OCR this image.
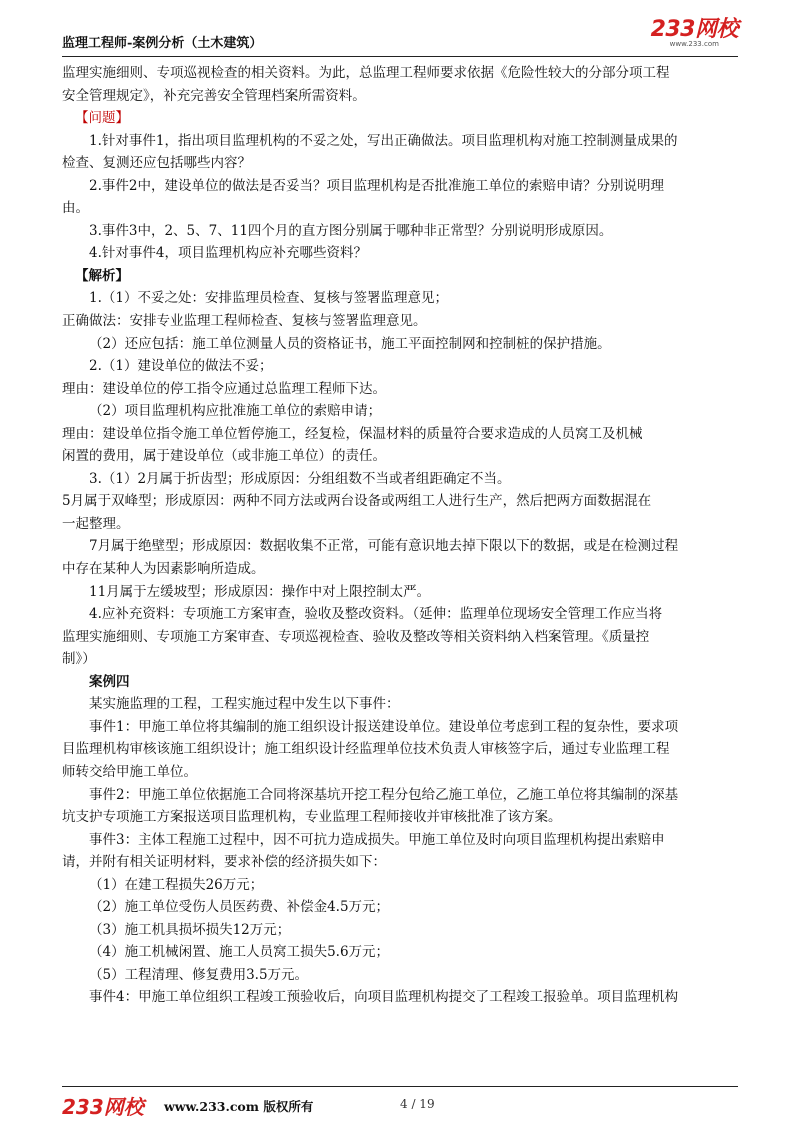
监理工程师-案例分析（土木建筑）
233网校
www.233.com
监理实施细则、专项巡视检查的相关资料。为此，总监理工程师要求依据《危险性较大的分部分项工程
安全管理规定》，补充完善安全管理档案所需资料。
【问题】
1.针对事件1，指出项目监理机构的不妥之处，写出正确做法。项目监理机构对施工控制测量成果的
检查、复测还应包括哪些内容？
2.事件2中，建设单位的做法是否妥当？项目监理机构是否批准施工单位的索赔申请？分别说明理
由。
3.事件3中，2、5、7、11四个月的直方图分别属于哪种非正常型？分别说明形成原因。
4.针对事件4，项目监理机构应补充哪些资料？
【解析】
1.（1）不妥之处：安排监理员检查、复核与签署监理意见；
正确做法：安排专业监理工程师检查、复核与签署监理意见。
（2）还应包括：施工单位测量人员的资格证书，施工平面控制网和控制桩的保护措施。
2.（1）建设单位的做法不妥；
理由：建设单位的停工指令应通过总监理工程师下达。
（2）项目监理机构应批准施工单位的索赔申请；
理由：建设单位指令施工单位暂停施工，经复检，保温材料的质量符合要求造成的人员窝工及机械
闲置的费用，属于建设单位（或非施工单位）的责任。
3.（1）2月属于折齿型；形成原因：分组组数不当或者组距确定不当。
5月属于双峰型；形成原因：两种不同方法或两台设备或两组工人进行生产，然后把两方面数据混在
一起整理。
7月属于绝壁型；形成原因：数据收集不正常，可能有意识地去掉下限以下的数据，或是在检测过程
中存在某种人为因素影响所造成。
11月属于左缓坡型；形成原因：操作中对上限控制太严。
4.应补充资料：专项施工方案审查，验收及整改资料。（延伸：监理单位现场安全管理工作应当将
监理实施细则、专项施工方案审查、专项巡视检查、验收及整改等相关资料纳入档案管理。《质量控
制》）
案例四
某实施监理的工程，工程实施过程中发生以下事件：
事件1：甲施工单位将其编制的施工组织设计报送建设单位。建设单位考虑到工程的复杂性，要求项
目监理机构审核该施工组织设计；施工组织设计经监理单位技术负责人审核签字后，通过专业监理工程
师转交给甲施工单位。
事件2：甲施工单位依据施工合同将深基坑开挖工程分包给乙施工单位，乙施工单位将其编制的深基
坑支护专项施工方案报送项目监理机构，专业监理工程师接收并审核批准了该方案。
事件3：主体工程施工过程中，因不可抗力造成损失。甲施工单位及时向项目监理机构提出索赔申
请，并附有相关证明材料，要求补偿的经济损失如下：
（1）在建工程损失26万元；
（2）施工单位受伤人员医药费、补偿金4.5万元；
（3）施工机具损坏损失12万元；
（4）施工机械闲置、施工人员窝工损失5.6万元；
（5）工程清理、修复费用3.5万元。
事件4：甲施工单位组织工程竣工预验收后，向项目监理机构提交了工程竣工报验单。项目监理机构
233网校 www.233.com 版权所有	4 / 19
